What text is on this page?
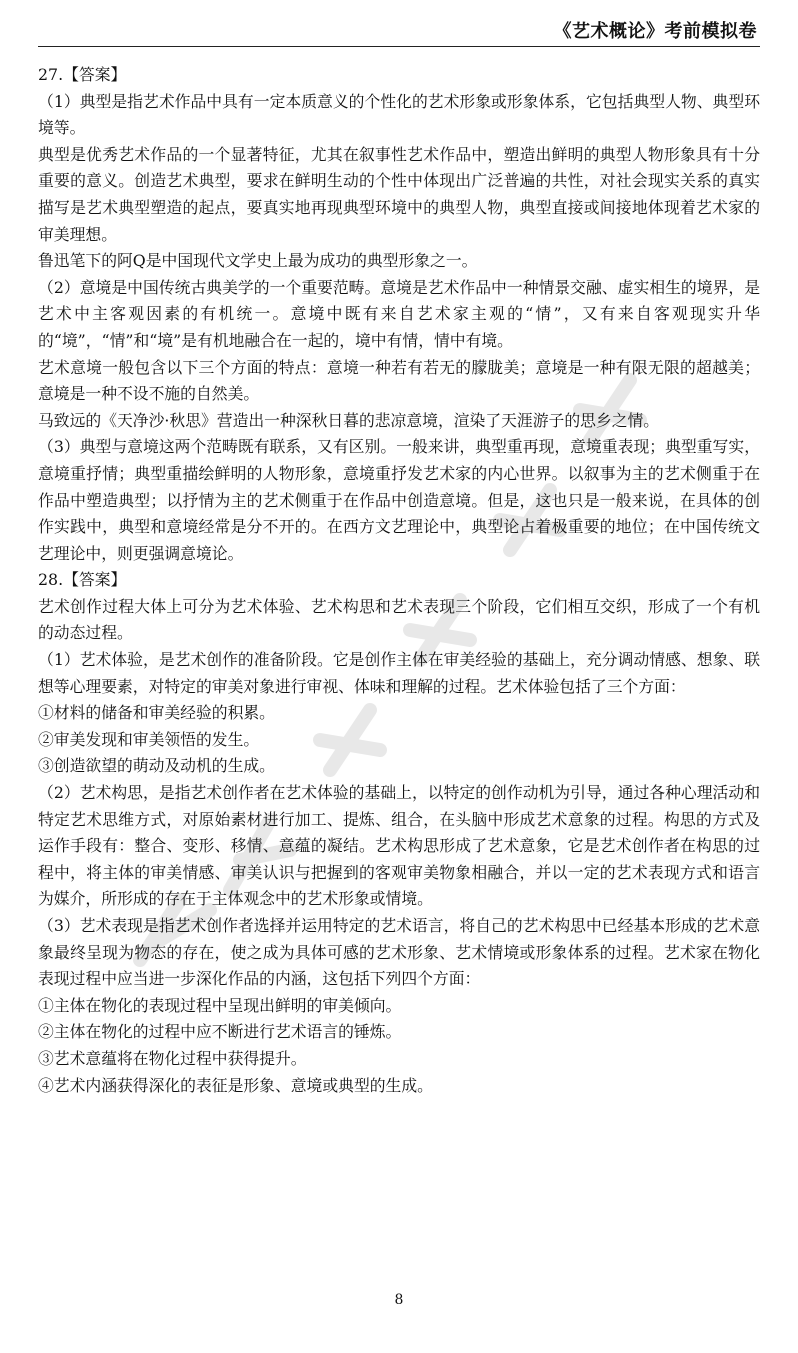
《艺术概论》考前模拟卷

27.【答案】

（1）典型是指艺术作品中具有一定本质意义的个性化的艺术形象或形象体系，它包括典型人物、典型环境等。

典型是优秀艺术作品的一个显著特征，尤其在叙事性艺术作品中，塑造出鲜明的典型人物形象具有十分重要的意义。创造艺术典型，要求在鲜明生动的个性中体现出广泛普遍的共性，对社会现实关系的真实描写是艺术典型塑造的起点，要真实地再现典型环境中的典型人物，典型直接或间接地体现着艺术家的审美理想。

鲁迅笔下的阿Q是中国现代文学史上最为成功的典型形象之一。

（2）意境是中国传统古典美学的一个重要范畴。意境是艺术作品中一种情景交融、虚实相生的境界，是艺术中主客观因素的有机统一。意境中既有来自艺术家主观的“情”，又有来自客观现实升华的“境”，“情”和“境”是有机地融合在一起的，境中有情，情中有境。

艺术意境一般包含以下三个方面的特点：意境一种若有若无的朦胧美；意境是一种有限无限的超越美；意境是一种不设不施的自然美。

马致远的《天净沙·秋思》营造出一种深秋日暮的悲凉意境，渲染了天涯游子的思乡之情。

（3）典型与意境这两个范畴既有联系，又有区别。一般来讲，典型重再现，意境重表现；典型重写实，意境重抒情；典型重描绘鲜明的人物形象，意境重抒发艺术家的内心世界。以叙事为主的艺术侧重于在作品中塑造典型；以抒情为主的艺术侧重于在作品中创造意境。但是，这也只是一般来说，在具体的创作实践中，典型和意境经常是分不开的。在西方文艺理论中，典型论占着极重要的地位；在中国传统文艺理论中，则更强调意境论。

28.【答案】

艺术创作过程大体上可分为艺术体验、艺术构思和艺术表现三个阶段，它们相互交织，形成了一个有机的动态过程。

（1）艺术体验，是艺术创作的准备阶段。它是创作主体在审美经验的基础上，充分调动情感、想象、联想等心理要素，对特定的审美对象进行审视、体味和理解的过程。艺术体验包括了三个方面：

①材料的储备和审美经验的积累。

②审美发现和审美领悟的发生。

③创造欲望的萌动及动机的生成。

（2）艺术构思，是指艺术创作者在艺术体验的基础上，以特定的创作动机为引导，通过各种心理活动和特定艺术思维方式，对原始素材进行加工、提炼、组合，在头脑中形成艺术意象的过程。构思的方式及运作手段有：整合、变形、移情、意蕴的凝结。艺术构思形成了艺术意象，它是艺术创作者在构思的过程中，将主体的审美情感、审美认识与把握到的客观审美物象相融合，并以一定的艺术表现方式和语言为媒介，所形成的存在于主体观念中的艺术形象或情境。

（3）艺术表现是指艺术创作者选择并运用特定的艺术语言，将自己的艺术构思中已经基本形成的艺术意象最终呈现为物态的存在，使之成为具体可感的艺术形象、艺术情境或形象体系的过程。艺术家在物化表现过程中应当进一步深化作品的内涵，这包括下列四个方面：

①主体在物化的表现过程中呈现出鲜明的审美倾向。

②主体在物化的过程中应不断进行艺术语言的锤炼。

③艺术意蕴将在物化过程中获得提升。

④艺术内涵获得深化的表征是形象、意境或典型的生成。

8
